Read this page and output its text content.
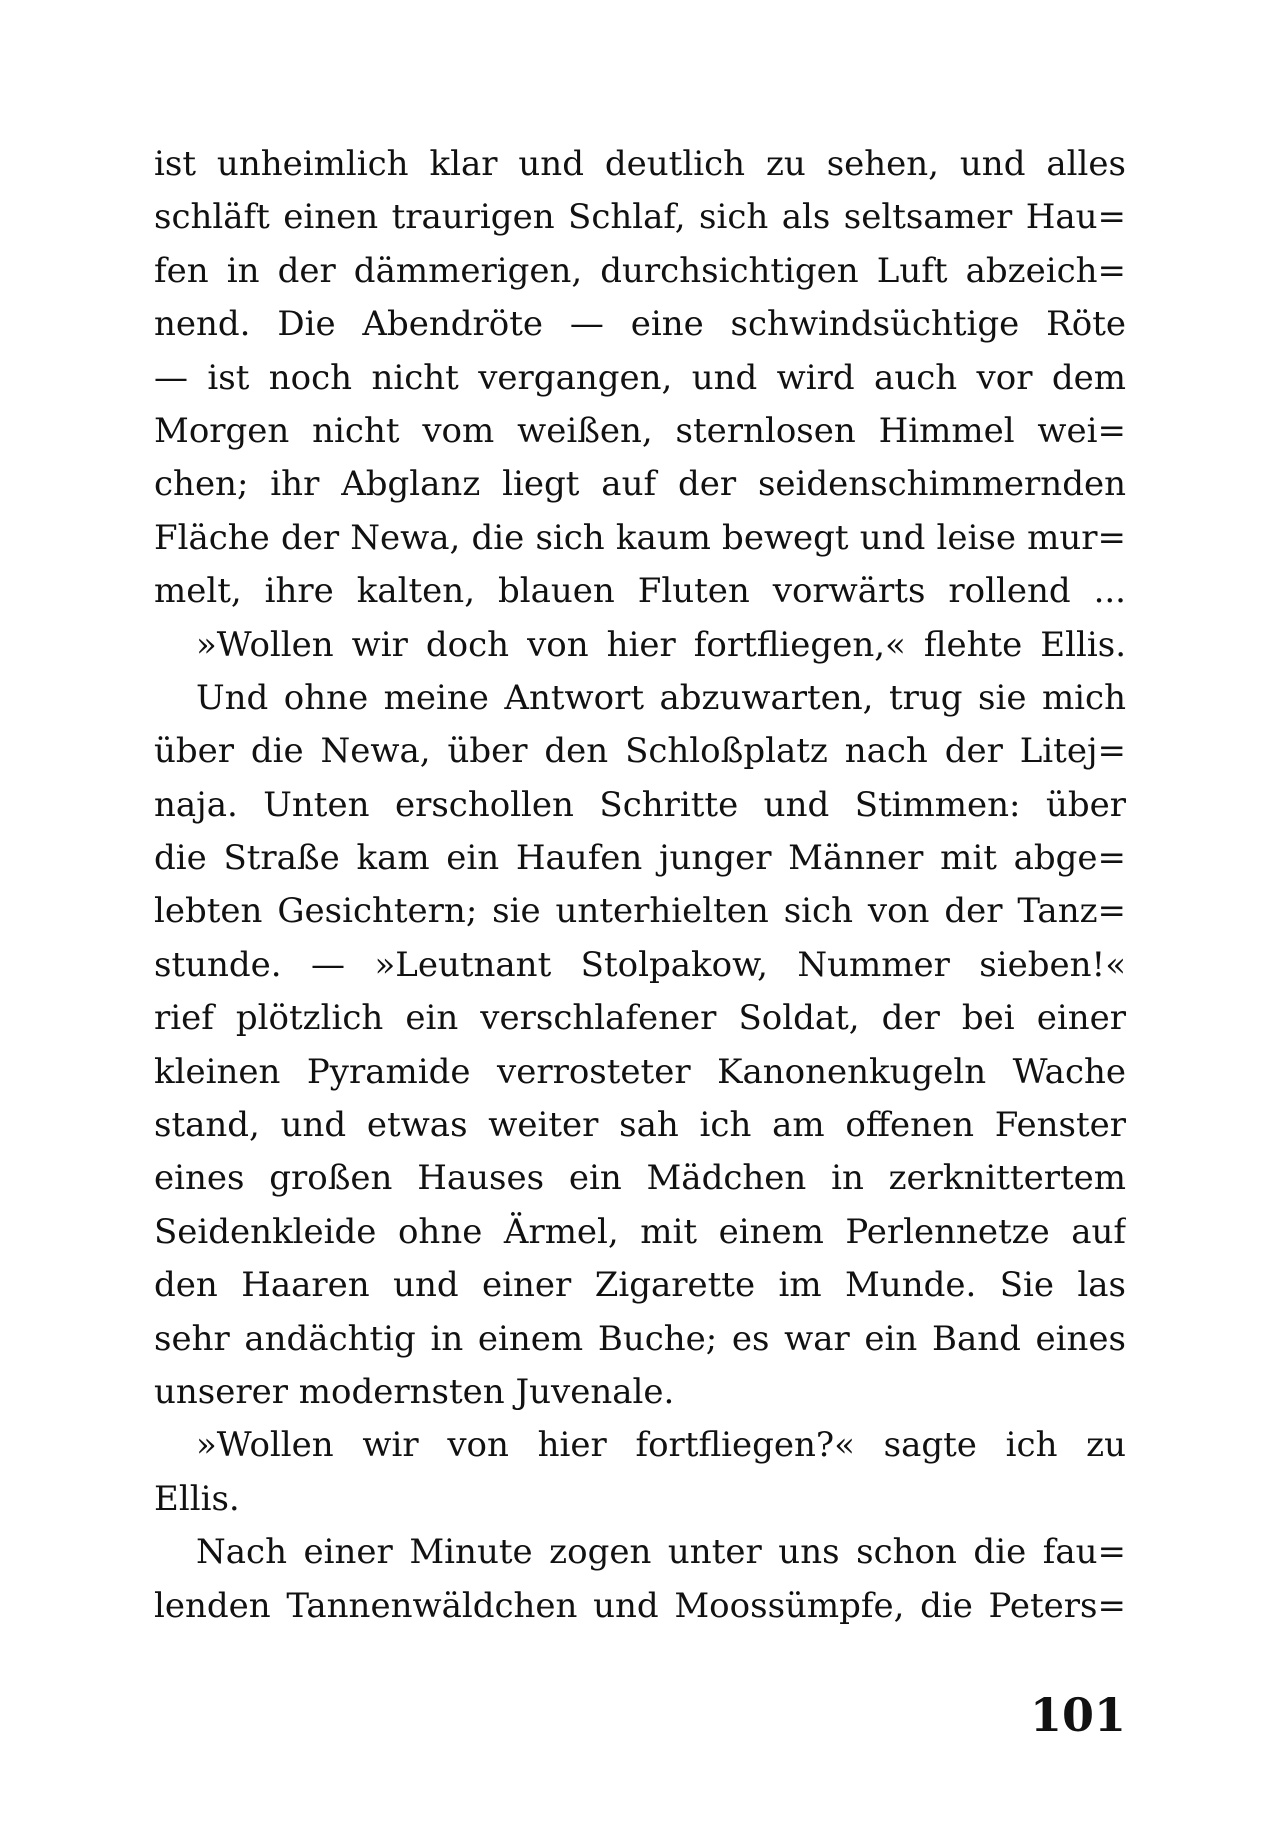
ist unheimlich klar und deutlich zu sehen, und alles
schläft einen traurigen Schlaf, sich als seltsamer Hau=
fen in der dämmerigen, durchsichtigen Luft abzeich=
nend. Die Abendröte — eine schwindsüchtige Röte
— ist noch nicht vergangen, und wird auch vor dem
Morgen nicht vom weißen, sternlosen Himmel wei=
chen; ihr Abglanz liegt auf der seidenschimmernden
Fläche der Newa, die sich kaum bewegt und leise mur=
melt, ihre kalten, blauen Fluten vorwärts rollend ...
»Wollen wir doch von hier fortfliegen,« flehte Ellis.
Und ohne meine Antwort abzuwarten, trug sie mich
über die Newa, über den Schloßplatz nach der Litej=
naja. Unten erschollen Schritte und Stimmen: über
die Straße kam ein Haufen junger Männer mit abge=
lebten Gesichtern; sie unterhielten sich von der Tanz=
stunde. — »Leutnant Stolpakow, Nummer sieben!«
rief plötzlich ein verschlafener Soldat, der bei einer
kleinen Pyramide verrosteter Kanonenkugeln Wache
stand, und etwas weiter sah ich am offenen Fenster
eines großen Hauses ein Mädchen in zerknittertem
Seidenkleide ohne Ärmel, mit einem Perlennetze auf
den Haaren und einer Zigarette im Munde. Sie las
sehr andächtig in einem Buche; es war ein Band eines
unserer modernsten Juvenale.
»Wollen wir von hier fortfliegen?« sagte ich zu
Ellis.
Nach einer Minute zogen unter uns schon die fau=
lenden Tannenwäldchen und Moossümpfe, die Peters=
101
